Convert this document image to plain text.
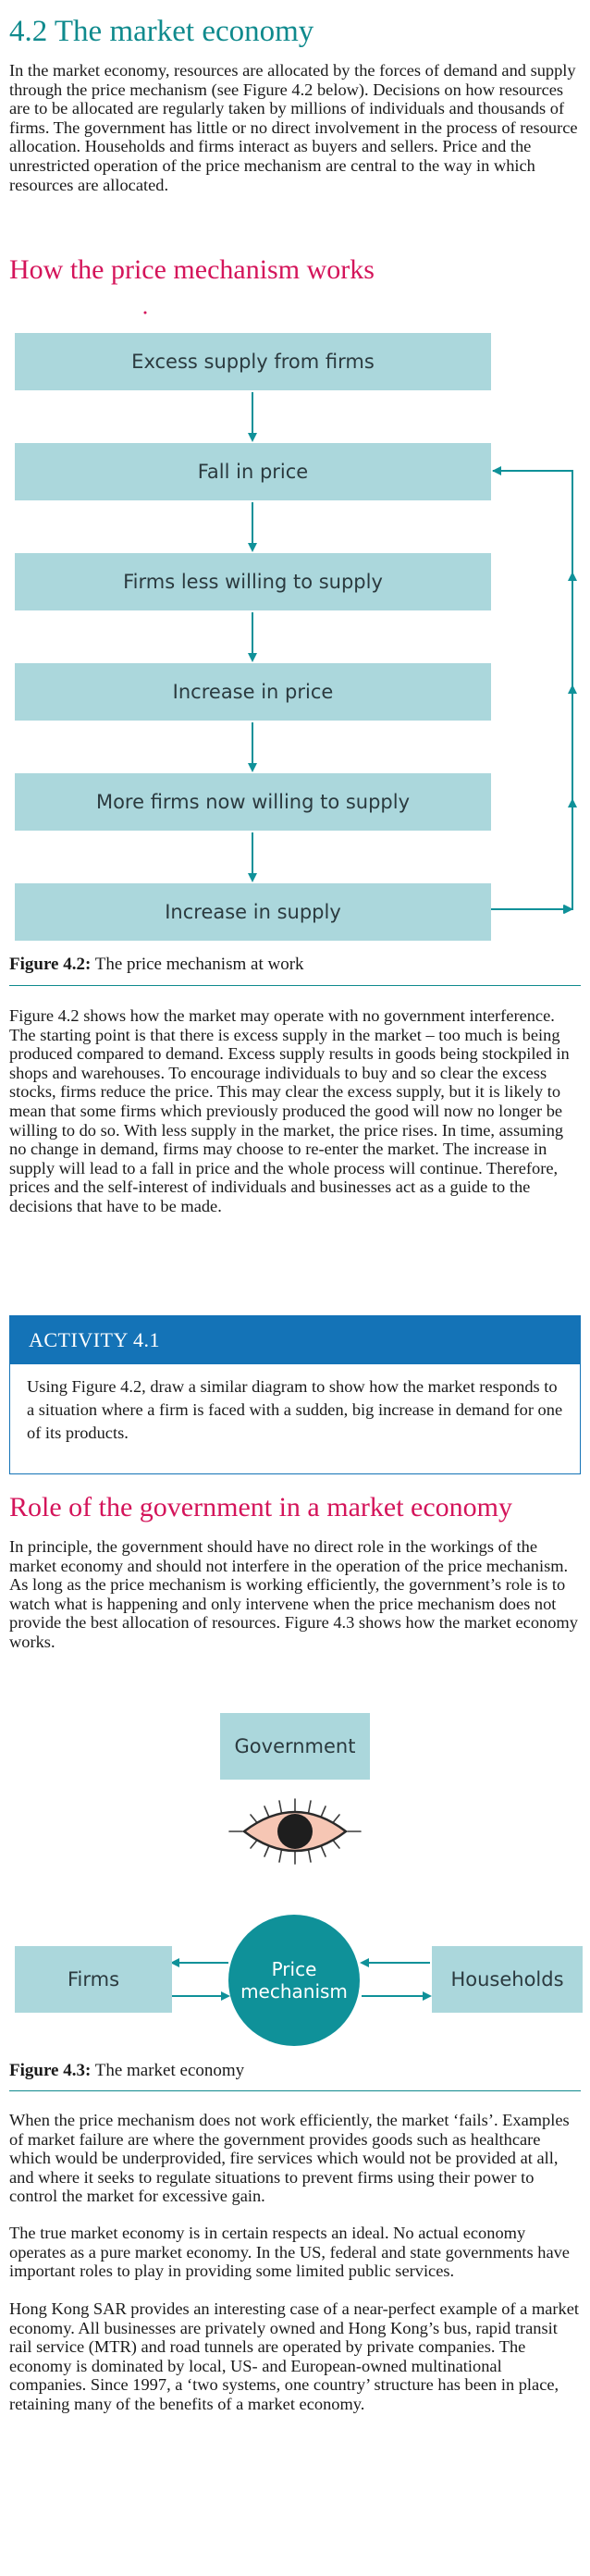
4.2 The market economy

In the market economy, resources are allocated by the forces of demand and supply through the price mechanism (see Figure 4.2 below). Decisions on how resources are to be allocated are regularly taken by millions of individuals and thousands of firms. The government has little or no direct involvement in the process of resource allocation. Households and firms interact as buyers and sellers. Price and the unrestricted operation of the price mechanism are central to the way in which resources are allocated.

How the price mechanism works
Excess supply from firms
Fall in price
Firms less willing to supply
Increase in price
More firms now willing to supply
Increase in supply

Figure 4.2: The price mechanism at work

Figure 4.2 shows how the market may operate with no government interference. The starting point is that there is excess supply in the market – too much is being produced compared to demand. Excess supply results in goods being stockpiled in shops and warehouses. To encourage individuals to buy and so clear the excess stocks, firms reduce the price. This may clear the excess supply, but it is likely to mean that some firms which previously produced the good will now no longer be willing to do so. With less supply in the market, the price rises. In time, assuming no change in demand, firms may choose to re-enter the market. The increase in supply will lead to a fall in price and the whole process will continue. Therefore, prices and the self-interest of individuals and businesses act as a guide to the decisions that have to be made.

ACTIVITY 4.1
Using Figure 4.2, draw a similar diagram to show how the market responds to a situation where a firm is faced with a sudden, big increase in demand for one of its products.
Role of the government in a market economy

In principle, the government should have no direct role in the workings of the market economy and should not interfere in the operation of the price mechanism. As long as the price mechanism is working efficiently, the government’s role is to watch what is happening and only intervene when the price mechanism does not provide the best allocation of resources. Figure 4.3 shows how the market economy works.

Government
Firms	Price
mechanism
Households

Figure 4.3: The market economy

When the price mechanism does not work efficiently, the market ‘fails’. Examples of market failure are where the government provides goods such as healthcare which would be underprovided, fire services which would not be provided at all, and where it seeks to regulate situations to prevent firms using their power to control the market for excessive gain.

The true market economy is in certain respects an ideal. No actual economy operates as a pure market economy. In the US, federal and state governments have important roles to play in providing some limited public services.

Hong Kong SAR provides an interesting case of a near-perfect example of a market economy. All businesses are privately owned and Hong Kong’s bus, rapid transit rail service (MTR) and road tunnels are operated by private companies. The economy is dominated by local, US- and European-owned multinational companies. Since 1997, a ‘two systems, one country’ structure has been in place, retaining many of the benefits of a market economy.
